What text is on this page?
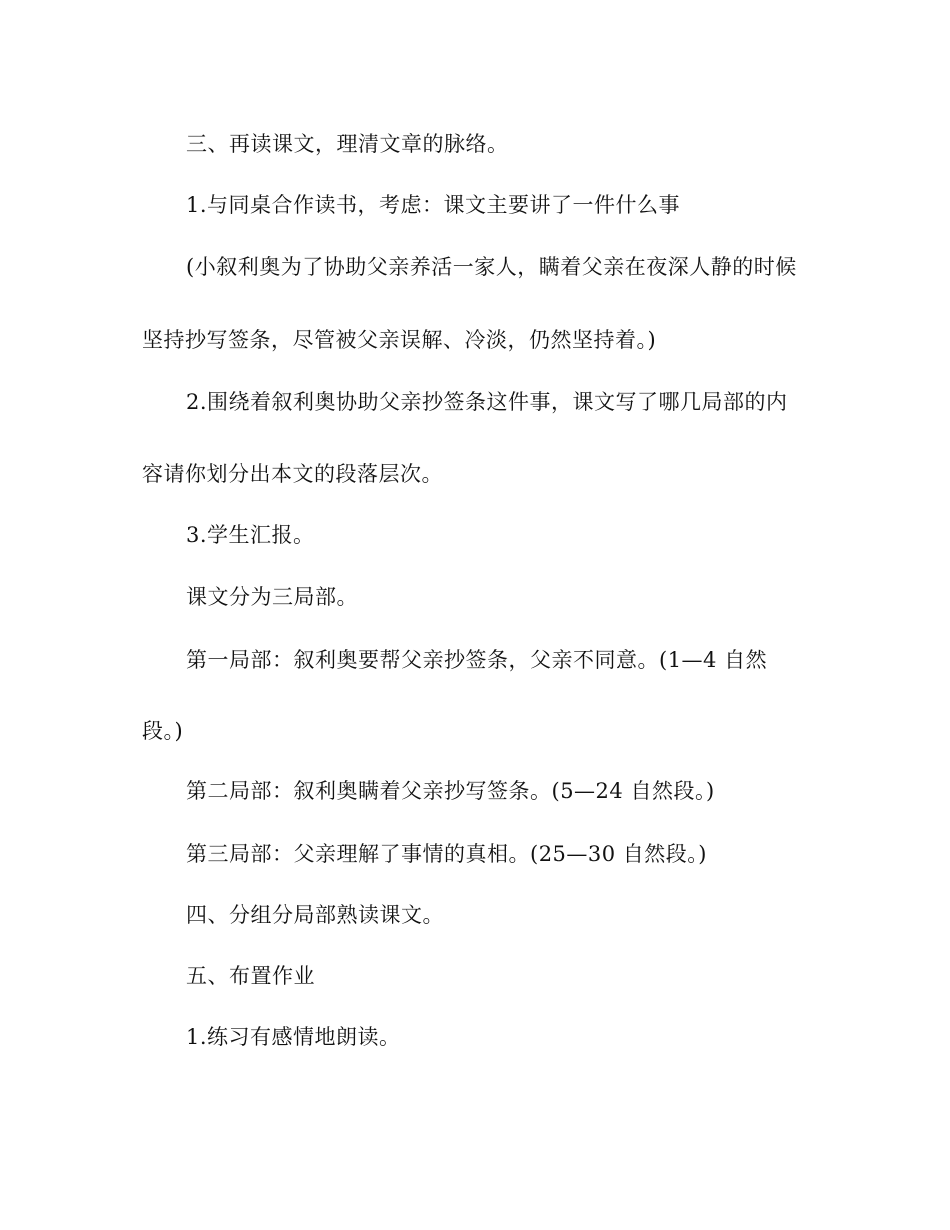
三、再读课文，理清文章的脉络。
1.与同桌合作读书，考虑：课文主要讲了一件什么事
(小叙利奥为了协助父亲养活一家人，瞒着父亲在夜深人静的时候
坚持抄写签条，尽管被父亲误解、冷淡，仍然坚持着。)
2.围绕着叙利奥协助父亲抄签条这件事，课文写了哪几局部的内
容请你划分出本文的段落层次。
3.学生汇报。
课文分为三局部。
第一局部：叙利奥要帮父亲抄签条，父亲不同意。(1—4 自然
段。)
第二局部：叙利奥瞒着父亲抄写签条。(5—24 自然段。)
第三局部：父亲理解了事情的真相。(25—30 自然段。)
四、分组分局部熟读课文。
五、布置作业
1.练习有感情地朗读。
